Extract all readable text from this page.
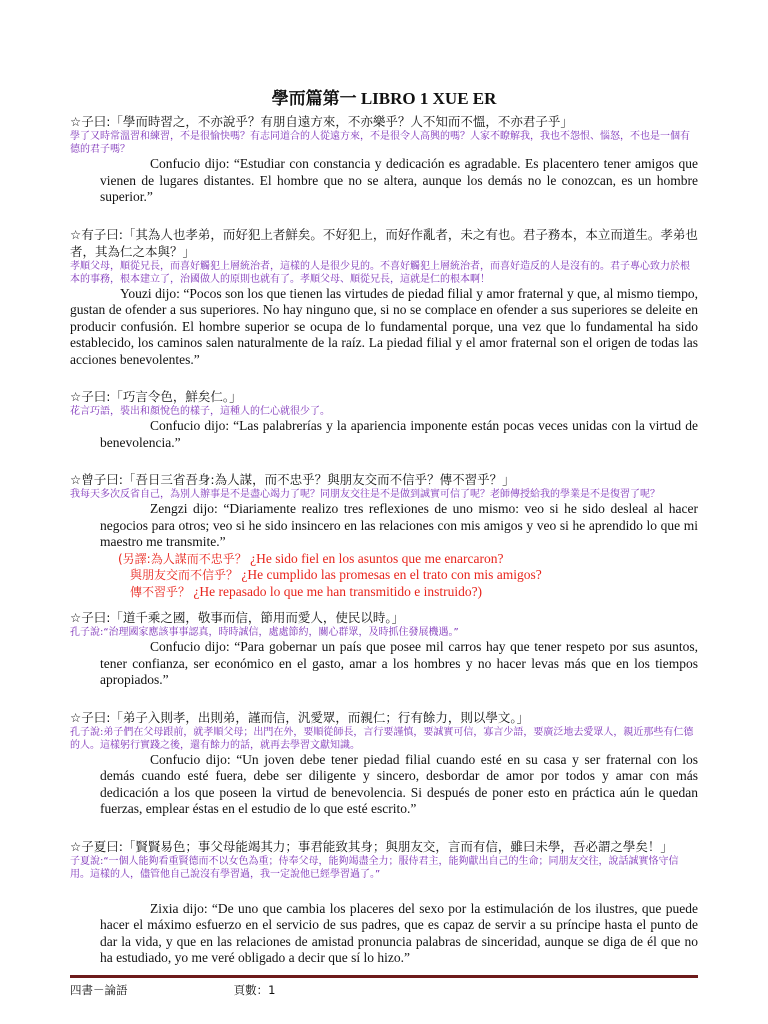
學而篇第一 LIBRO 1 XUE ER

☆子曰:「學而時習之，不亦說乎？有朋自遠方來，不亦樂乎？人不知而不慍，不亦君子乎」

學了又時常溫習和練習，不是很愉快嗎？有志同道合的人從遠方來，不是很令人高興的嗎？人家不瞭解我，我也不怨恨、惱怒，不也是一個有德的君子嗎？

Confucio dijo: “Estudiar con constancia y dedicación es agradable. Es placentero tener amigos que vienen de lugares distantes. El hombre que no se altera, aunque los demás no le conozcan, es un hombre superior.”

☆有子曰:「其為人也孝弟，而好犯上者鮮矣。不好犯上，而好作亂者，未之有也。君子務本，本立而道生。孝弟也者，其為仁之本與？」

孝順父母，順從兄長，而喜好觸犯上層統治者，這樣的人是很少見的。不喜好觸犯上層統治者，而喜好造反的人是沒有的。君子專心致力於根本的事務，根本建立了，治國做人的原則也就有了。孝順父母、順從兄長，這就是仁的根本啊！

Youzi dijo: “Pocos son los que tienen las virtudes de piedad filial y amor fraternal y que, al mismo tiempo, gustan de ofender a sus superiores. No hay ninguno que, si no se complace en ofender a sus superiores se deleite en producir confusión. El hombre superior se ocupa de lo fundamental porque, una vez que lo fundamental ha sido establecido, los caminos salen naturalmente de la raíz. La piedad filial y el amor fraternal son el origen de todas las acciones benevolentes.”

☆子曰:「巧言令色，鮮矣仁。」

花言巧語，裝出和顏悅色的樣子，這種人的仁心就很少了。

Confucio dijo: “Las palabrerías y la apariencia imponente están pocas veces unidas con la virtud de benevolencia.”

☆曾子曰:「吾日三省吾身:為人謀，而不忠乎？與朋友交而不信乎？傳不習乎？」

我每天多次反省自己，為別人辦事是不是盡心竭力了呢？同朋友交往是不是做到誠實可信了呢？老師傳授給我的學業是不是復習了呢？

Zengzi dijo: “Diariamente realizo tres reflexiones de uno mismo: veo si he sido desleal al hacer negocios para otros; veo si he sido insincero en las relaciones con mis amigos y veo si he aprendido lo que mi maestro me transmite.”

(另譯:為人謀而不忠乎？ ¿He sido fiel en los asuntos que me enarcaron?

與朋友交而不信乎？ ¿He cumplido las promesas en el trato con mis amigos?

傳不習乎？ ¿He repasado lo que me han transmitido e instruido?)

☆子曰:「道千乘之國，敬事而信，節用而愛人，使民以時。」

孔子說:“治理國家應該事事認真，時時誠信，處處節約，關心群眾，及時抓住發展機遇。”

Confucio dijo: “Para gobernar un país que posee mil carros hay que tener respeto por sus asuntos, tener confianza, ser económico en el gasto, amar a los hombres y no hacer levas más que en los tiempos apropiados.”

☆子曰:「弟子入則孝，出則弟，謹而信，汎愛眾，而親仁；行有餘力，則以學文。」

孔子說:弟子們在父母跟前，就孝順父母；出門在外，要順從師長，言行要謹慎，要誠實可信，寡言少語，要廣泛地去愛眾人，親近那些有仁德的人。這樣躬行實踐之後，還有餘力的話，就再去學習文獻知識。

Confucio dijo: “Un joven debe tener piedad filial cuando esté en su casa y ser fraternal con los demás cuando esté fuera, debe ser diligente y sincero, desbordar de amor por todos y amar con más dedicación a los que poseen la virtud de benevolencia. Si después de poner esto en práctica aún le quedan fuerzas, emplear éstas en el estudio de lo que esté escrito.”

☆子夏曰:「賢賢易色；事父母能竭其力；事君能致其身；與朋友交，言而有信，雖曰未學，吾必謂之學矣！」

子夏說:“一個人能夠看重賢德而不以女色為重；侍奉父母，能夠竭盡全力；服侍君主，能夠獻出自己的生命；同朋友交往，說話誠實恪守信用。這樣的人，儘管他自己說沒有學習過，我一定說他已經學習過了。”

Zixia dijo: “De uno que cambia los placeres del sexo por la estimulación de los ilustres, que puede hacer el máximo esfuerzo en el servicio de sus padres, que es capaz de servir a su príncipe hasta el punto de dar la vida, y que en las relaciones de amistad pronuncia palabras de sinceridad, aunque se diga de él que no ha estudiado, yo me veré obligado a decir que sí lo hizo.”

四書－論語	頁數：1
